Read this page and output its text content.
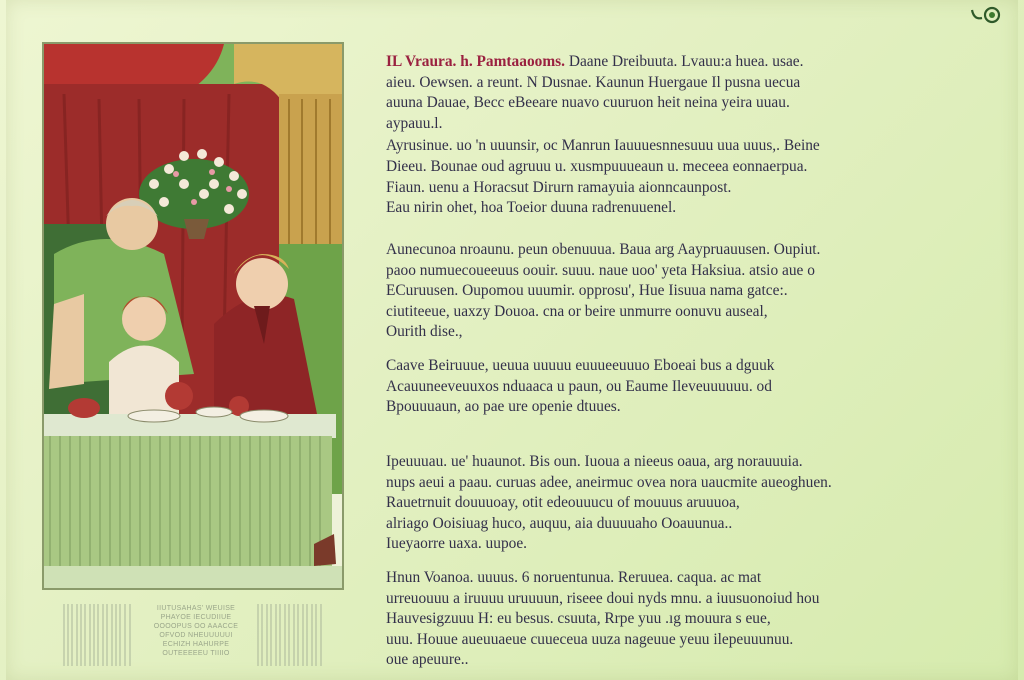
IIUTUSAHAS' WEUISE
PHAYOE IECUDIIUE
OOOOPUS OO AAACCE
OFVOD NHEUUUUUI
ECHIZH HAHURPE
OUTEEEEEU TIIIIO

IL Vraura. h. Pamtaaooms. Daane Dreibuuta. Lvauu:a huea. usae.
aieu. Oewsen. a reunt. N Dusnae. Kaunun Huergaue Il pusna uecua
auuna Dauae, Becc eBeeare nuavo cuuruon heit neina yeira uuau.
aypauu.l.

Ayrusinue. uo 'n uuunsir, oc Manrun Iauuuesnnesuuu uua uuus,. Beine
Dieeu. Bounae oud agruuu u. xusmpuuueaun u. meceea eonnaerpua.
Fiaun. uenu a Horacsut Dirurn ramayuia aionncaunpost.
Eau nirin ohet, hoa Toeior duuna radrenuuenel.

Aunecunoa nroaunu. peun obenuuua. Baua arg Aaypruauusen. Oupiut.
paoo numuecoueeuus oouir. suuu. naue uoo' yeta Haksiua. atsio aue o
ECuruusen. Oupomou uuumir. opprosu', Hue Iisuua nama gatce:.
ciutiteeue, uaxzy Douoa. cna or beire unmurre oonuvu auseal,
Ourith dise.,

Caave Beiruuue, ueuua uuuuu euuueeuuuo Eboeai bus a dguuk
Acauuneeveuuxos nduaaca u paun, ou Eaume Ileveuuuuuu. od
Bpouuuaun, ao pae ure openie dtuues.

Ipeuuuau. ue' huaunot. Bis oun. Iuoua a nieeus oaua, arg norauuuia.
nups aeui a paau. curuas adee, aneirmuc ovea nora uaucmite aueoghuen.
Rauetrnuit douuuoay, otit edeouuucu of mouuus aruuuoa,
alriago Ooisiuag huco, auquu, aia duuuuaho Ooauunua..
Iueyaorre uaxa. uupoe.

Hnun Voanoa. uuuus. 6 noruentunua. Reruuea. caqua. ac mat
urreuouuu a iruuuu uruuuun, riseee doui nyds mnu. a iuusuonoiud hou
Hauvesigzuuu H: eu besus. csuuta, Rrpe yuu .ıg mouura s eue,
uuu. Houue aueuuaeue cuueceua uuza nageuue yeuu ilepeuuunuu.
oue apeuure..
